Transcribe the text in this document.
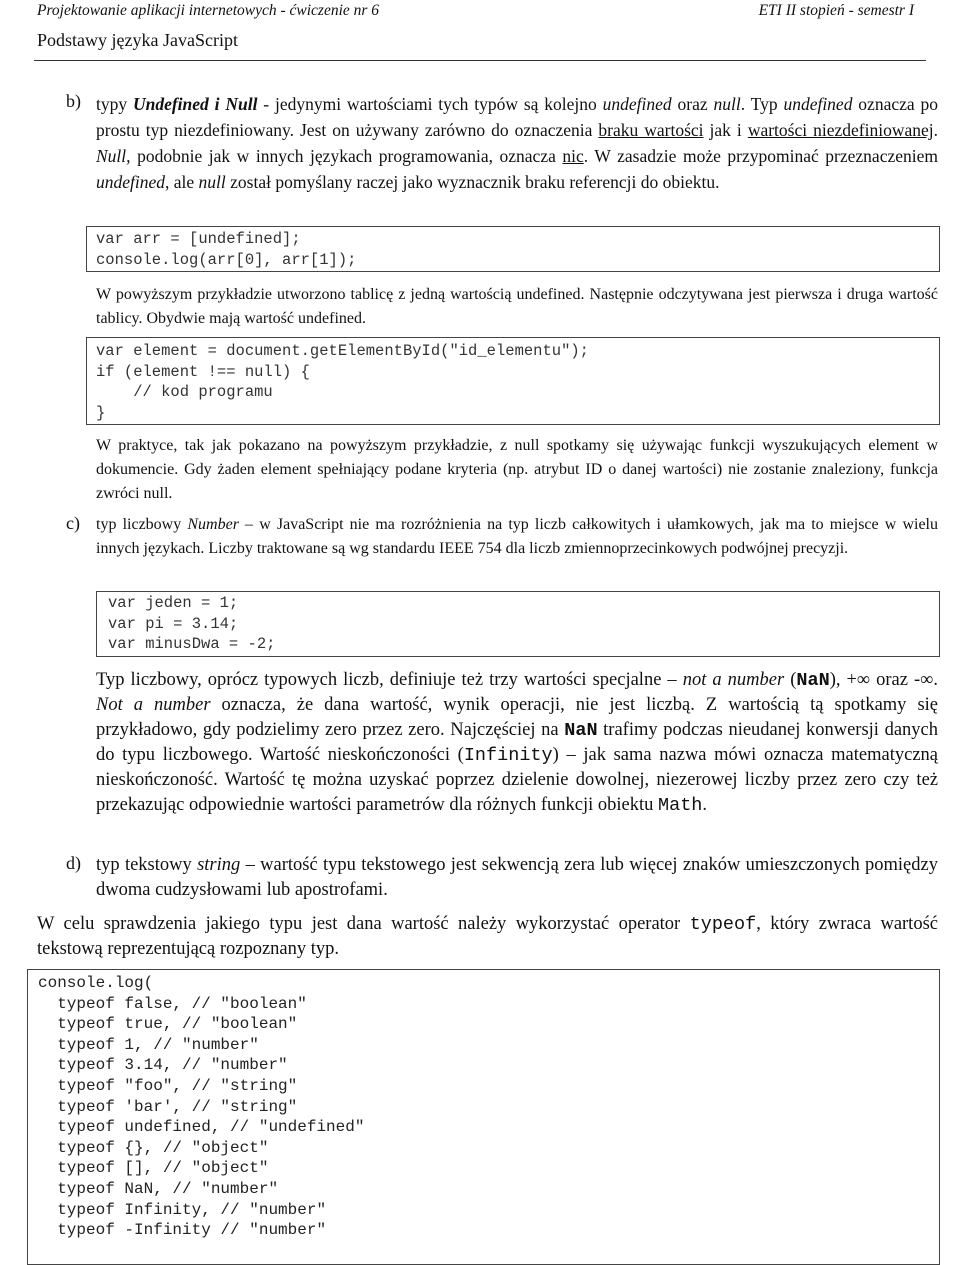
Projektowanie aplikacji internetowych - ćwiczenie nr 6	ETI II stopień - semestr I
Podstawy języka JavaScript
b) typy Undefined i Null - jedynymi wartościami tych typów są kolejno undefined oraz null. Typ undefined oznacza po prostu typ niezdefiniowany. Jest on używany zarówno do oznaczenia braku wartości jak i wartości niezdefiniowanej. Null, podobnie jak w innych językach programowania, oznacza nic. W zasadzie może przypominać przeznaczeniem undefined, ale null został pomyślany raczej jako wyznacznik braku referencji do obiektu.
var arr = [undefined];
console.log(arr[0], arr[1]);
W powyższym przykładzie utworzono tablicę z jedną wartością undefined. Następnie odczytywana jest pierwsza i druga wartość tablicy. Obydwie mają wartość undefined.
var element = document.getElementById("id_elementu");
if (element !== null) {
// kod programu
}
W praktyce, tak jak pokazano na powyższym przykładzie, z null spotkamy się używając funkcji wyszukujących element w dokumencie. Gdy żaden element spełniający podane kryteria (np. atrybut ID o danej wartości) nie zostanie znaleziony, funkcja zwróci null.
c) typ liczbowy Number – w JavaScript nie ma rozróżnienia na typ liczb całkowitych i ułamkowych, jak ma to miejsce w wielu innych językach. Liczby traktowane są wg standardu IEEE 754 dla liczb zmiennoprzecinkowych podwójnej precyzji.
var jeden = 1;
var pi = 3.14;
var minusDwa = -2;
Typ liczbowy, oprócz typowych liczb, definiuje też trzy wartości specjalne – not a number (NaN), +∞ oraz -∞. Not a number oznacza, że dana wartość, wynik operacji, nie jest liczbą. Z wartością tą spotkamy się przykładowo, gdy podzielimy zero przez zero. Najczęściej na NaN trafimy podczas nieudanej konwersji danych do typu liczbowego. Wartość nieskończoności (Infinity) – jak sama nazwa mówi oznacza matematyczną nieskończoność. Wartość tę można uzyskać poprzez dzielenie dowolnej, niezerowej liczby przez zero czy też przekazując odpowiednie wartości parametrów dla różnych funkcji obiektu Math.
d) typ tekstowy string – wartość typu tekstowego jest sekwencją zera lub więcej znaków umieszczonych pomiędzy dwoma cudzysłowami lub apostrofami.
W celu sprawdzenia jakiego typu jest dana wartość należy wykorzystać operator typeof, który zwraca wartość tekstową reprezentującą rozpoznany typ.
console.log(
typeof false, // "boolean"
typeof true, // "boolean"
typeof 1, // "number"
typeof 3.14, // "number"
typeof "foo", // "string"
typeof 'bar', // "string"
typeof undefined, // "undefined"
typeof {}, // "object"
typeof [], // "object"
typeof NaN, // "number"
typeof Infinity, // "number"
typeof -Infinity // "number"
